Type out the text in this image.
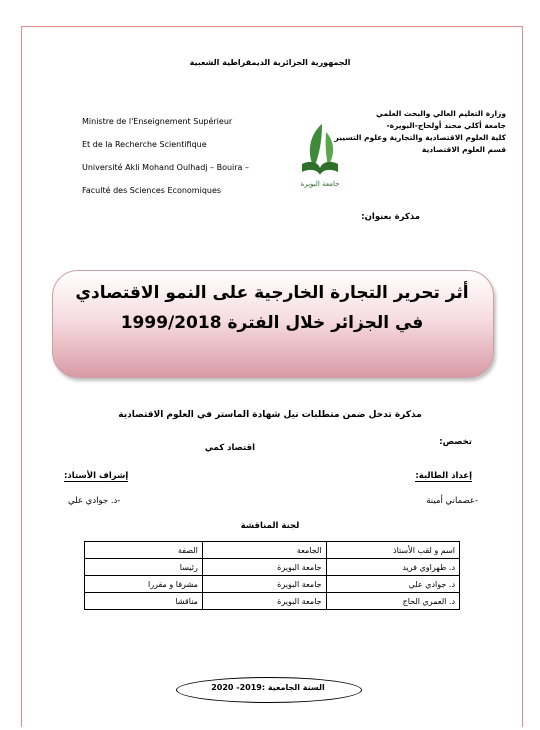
الجمهورية الجزائرية الديمقراطية الشعبية
Ministre de l'Enseignement Supérieur
Et de la Recherche Scientifique
Université Akli Mohand Oulhadj – Bouira –
Faculté des Sciences Economiques
جامعة البويرة
وزارة التعليم العالي والبحث العلمي
جامعة أكلي محند أولحاج-البويرة-
كلية العلوم الاقتصادية والتجارية وعلوم التسيير
قسم العلوم الاقتصادية
مذكرة بعنوان:
أثر تحرير التجارة الخارجية على النمو الاقتصادي
في الجزائر خلال الفترة 1999/2018
مذكرة تدخل ضمن متطلبات نيل شهادة الماستر في العلوم الاقتصادية
تخصص:
اقتصاد كمي
إعداد الطالبة:
إشراف الأستاذ:
-عصماني أمينة
-د. جوادي علي
لجنة المناقشة
اسم و لقب الأستاذ	الجامعة	الصفة
د. طهراوي فريد	جامعة البويرة	رئيسا
د. جوادي علي	جامعة البويرة	مشرفا و مقررا
د. العمري الحاج	جامعة البويرة	مناقشا
السنة الجامعية :2019- 2020
